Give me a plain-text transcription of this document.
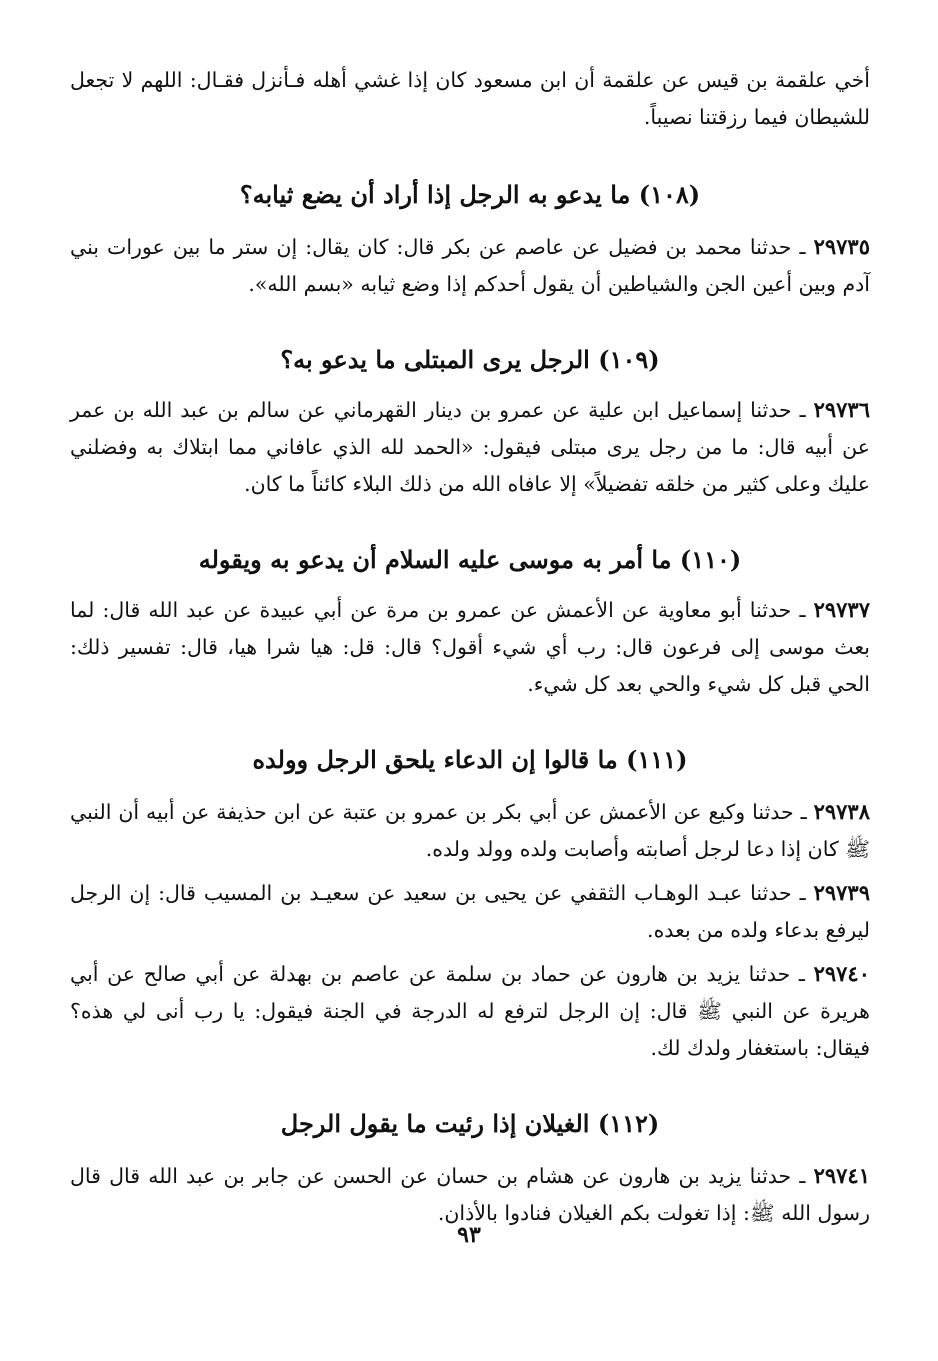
أخي علقمة بن قيس عن علقمة أن ابن مسعود كان إذا غشي أهله فـأنزل فقـال: اللهم لا تجعل للشيطان فيما رزقتنا نصيباً.

(١٠٨) ما يدعو به الرجل إذا أراد أن يضع ثيابه؟

٢٩٧٣٥ ـ حدثنا محمد بن فضيل عن عاصم عن بكر قال: كان يقال: إن ستر ما بين عورات بني آدم وبين أعين الجن والشياطين أن يقول أحدكم إذا وضع ثيابه «بسم الله».

(١٠٩) الرجل يرى المبتلى ما يدعو به؟

٢٩٧٣٦ ـ حدثنا إسماعيل ابن علية عن عمرو بن دينار القهرماني عن سالم بن عبد الله بن عمر عن أبيه قال: ما من رجل يرى مبتلى فيقول: «الحمد لله الذي عافاني مما ابتلاك به وفضلني عليك وعلى كثير من خلقه تفضيلاً» إلا عافاه الله من ذلك البلاء كائناً ما كان.

(١١٠) ما أمر به موسى عليه السلام أن يدعو به ويقوله

٢٩٧٣٧ ـ حدثنا أبو معاوية عن الأعمش عن عمرو بن مرة عن أبي عبيدة عن عبد الله قال: لما بعث موسى إلى فرعون قال: رب أي شيء أقول؟ قال: قل: هيا شرا هيا، قال: تفسير ذلك: الحي قبل كل شيء والحي بعد كل شيء.

(١١١) ما قالوا إن الدعاء يلحق الرجل وولده

٢٩٧٣٨ ـ حدثنا وكيع عن الأعمش عن أبي بكر بن عمرو بن عتبة عن ابن حذيفة عن أبيه أن النبي ﷺ كان إذا دعا لرجل أصابته وأصابت ولده وولد ولده.

٢٩٧٣٩ ـ حدثنا عبـد الوهـاب الثقفي عن يحيى بن سعيد عن سعيـد بن المسيب قال: إن الرجل ليرفع بدعاء ولده من بعده.

٢٩٧٤٠ ـ حدثنا يزيد بن هارون عن حماد بن سلمة عن عاصم بن بهدلة عن أبي صالح عن أبي هريرة عن النبي ﷺ قال: إن الرجل لترفع له الدرجة في الجنة فيقول: يا رب أنى لي هذه؟ فيقال: باستغفار ولدك لك.

(١١٢) الغيلان إذا رئيت ما يقول الرجل

٢٩٧٤١ ـ حدثنا يزيد بن هارون عن هشام بن حسان عن الحسن عن جابر بن عبد الله قال قال رسول الله ﷺ: إذا تغولت بكم الغيلان فنادوا بالأذان.

٩٣
